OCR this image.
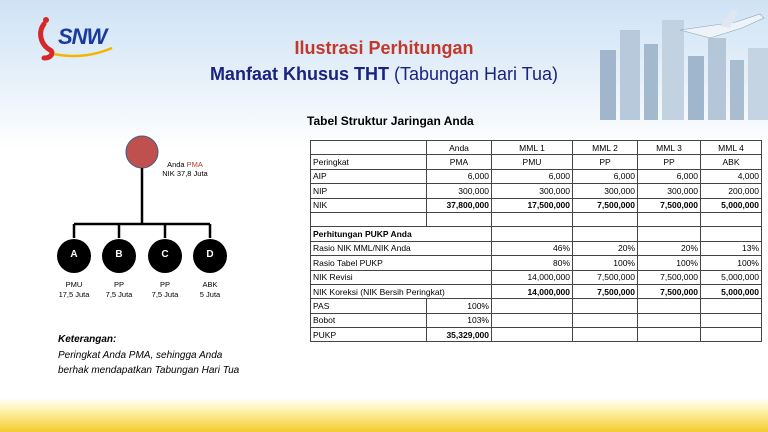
SNW	Ilustrasi Perhitungan
Manfaat Khusus THT (Tabungan Hari Tua)
Anda PMA
NIK 37,8 Juta
A	B	C	D
PMU
17,5 Juta
PP
7,5 Juta
PP
7,5 Juta
ABK
5 Juta
Tabel Struktur Jaringan Anda
	Anda	MML 1	MML 2	MML 3	MML 4
Peringkat	PMA	PMU	PP	PP	ABK
AIP	6,000	6,000	6,000	6,000	4,000
NIP	300,000	300,000	300,000	300,000	200,000
NIK	37,800,000	17,500,000	7,500,000	7,500,000	5,000,000

Perhitungan PUKP Anda					
Rasio NIK MML/NIK Anda		46%	20%	20%	13%
Rasio Tabel PUKP		80%	100%	100%	100%
NIK Revisi		14,000,000	7,500,000	7,500,000	5,000,000
NIK Koreksi (NIK Bersih Peringkat)		14,000,000	7,500,000	7,500,000	5,000,000
PAS	100%				
Bobot	103%				
PUKP	35,329,000				
Keterangan:
Peringkat Anda PMA, sehingga Anda
berhak mendapatkan Tabungan Hari Tua
